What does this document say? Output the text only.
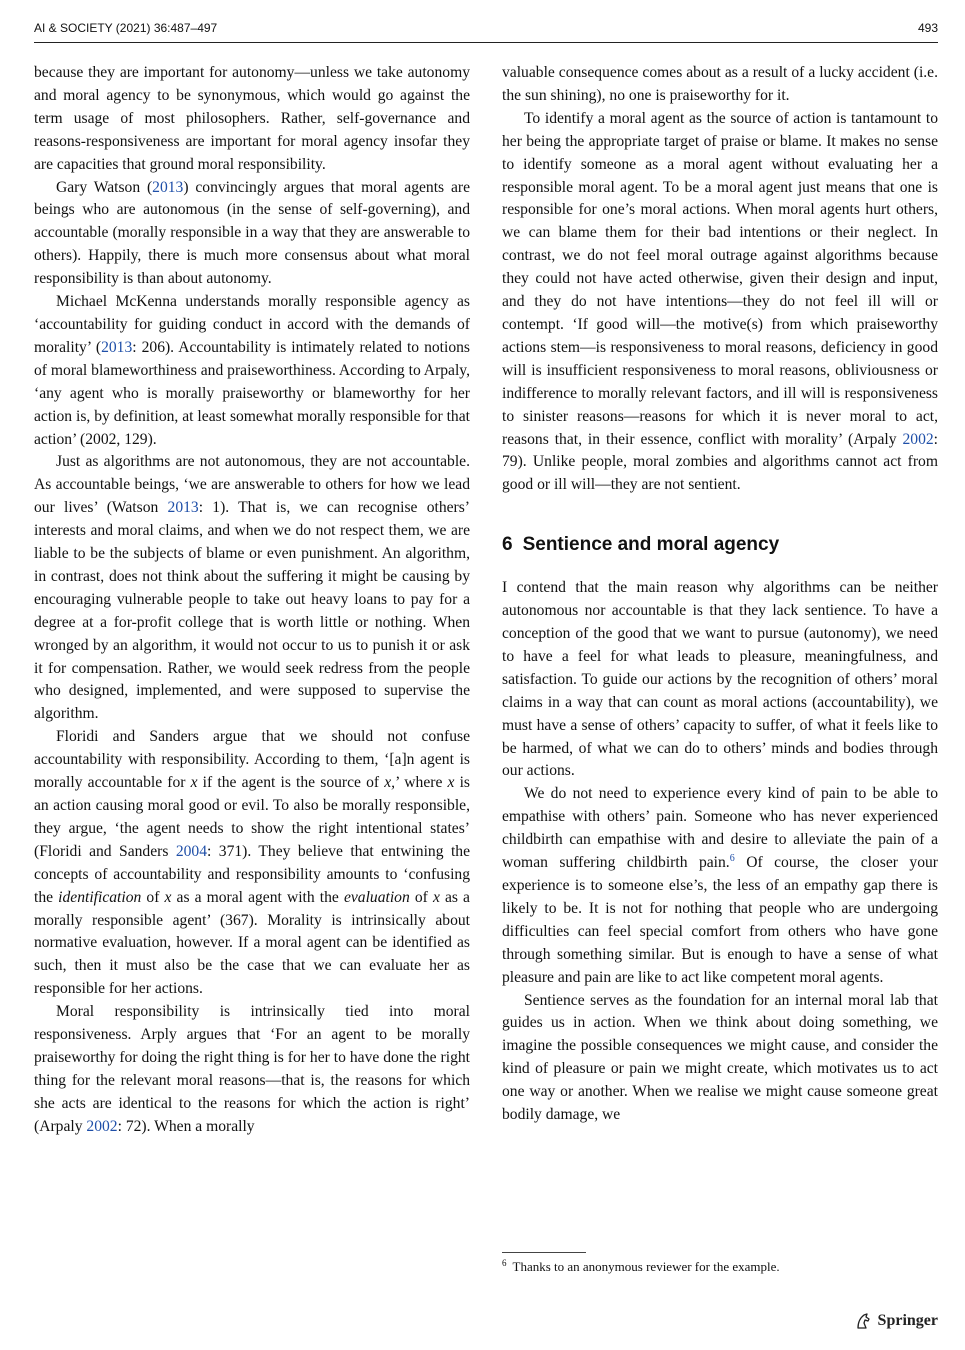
AI & SOCIETY (2021) 36:487–497	493

because they are important for autonomy—unless we take autonomy and moral agency to be synonymous, which would go against the term usage of most philosophers. Rather, self-governance and reasons-responsiveness are important for moral agency insofar they are capacities that ground moral responsibility.

Gary Watson (2013) convincingly argues that moral agents are beings who are autonomous (in the sense of self-governing), and accountable (morally responsible in a way that they are answerable to others). Happily, there is much more consensus about what moral responsibility is than about autonomy.

Michael McKenna understands morally responsible agency as ‘accountability for guiding conduct in accord with the demands of morality’ (2013: 206). Accountability is intimately related to notions of moral blameworthiness and praiseworthiness. According to Arpaly, ‘any agent who is morally praiseworthy or blameworthy for her action is, by definition, at least somewhat morally responsible for that action’ (2002, 129).

Just as algorithms are not autonomous, they are not accountable. As accountable beings, ‘we are answerable to others for how we lead our lives’ (Watson 2013: 1). That is, we can recognise others’ interests and moral claims, and when we do not respect them, we are liable to be the subjects of blame or even punishment. An algorithm, in contrast, does not think about the suffering it might be causing by encouraging vulnerable people to take out heavy loans to pay for a degree at a for-profit college that is worth little or nothing. When wronged by an algorithm, it would not occur to us to punish it or ask it for compensation. Rather, we would seek redress from the people who designed, implemented, and were supposed to supervise the algorithm.

Floridi and Sanders argue that we should not confuse accountability with responsibility. According to them, ‘[a]n agent is morally accountable for x if the agent is the source of x,’ where x is an action causing moral good or evil. To also be morally responsible, they argue, ‘the agent needs to show the right intentional states’ (Floridi and Sanders 2004: 371). They believe that entwining the concepts of accountability and responsibility amounts to ‘confusing the identification of x as a moral agent with the evaluation of x as a morally responsible agent’ (367). Morality is intrinsically about normative evaluation, however. If a moral agent can be identified as such, then it must also be the case that we can evaluate her as responsible for her actions.

Moral responsibility is intrinsically tied into moral responsiveness. Arply argues that ‘For an agent to be morally praiseworthy for doing the right thing is for her to have done the right thing for the relevant moral reasons—that is, the reasons for which she acts are identical to the reasons for which the action is right’ (Arpaly 2002: 72). When a morally

valuable consequence comes about as a result of a lucky accident (i.e. the sun shining), no one is praiseworthy for it.

To identify a moral agent as the source of action is tantamount to her being the appropriate target of praise or blame. It makes no sense to identify someone as a moral agent without evaluating her a responsible moral agent. To be a moral agent just means that one is responsible for one’s moral actions. When moral agents hurt others, we can blame them for their bad intentions or their neglect. In contrast, we do not feel moral outrage against algorithms because they could not have acted otherwise, given their design and input, and they do not have intentions—they do not feel ill will or contempt. ‘If good will—the motive(s) from which praiseworthy actions stem—is responsiveness to moral reasons, deficiency in good will is insufficient responsiveness to moral reasons, obliviousness or indifference to morally relevant factors, and ill will is responsiveness to sinister reasons—reasons for which it is never moral to act, reasons that, in their essence, conflict with morality’ (Arpaly 2002: 79). Unlike people, moral zombies and algorithms cannot act from good or ill will—they are not sentient.

6 Sentience and moral agency

I contend that the main reason why algorithms can be neither autonomous nor accountable is that they lack sentience. To have a conception of the good that we want to pursue (autonomy), we need to have a feel for what leads to pleasure, meaningfulness, and satisfaction. To guide our actions by the recognition of others’ moral claims in a way that can count as moral actions (accountability), we must have a sense of others’ capacity to suffer, of what it feels like to be harmed, of what we can do to others’ minds and bodies through our actions.

We do not need to experience every kind of pain to be able to empathise with others’ pain. Someone who has never experienced childbirth can empathise with and desire to alleviate the pain of a woman suffering childbirth pain.$^6$ Of course, the closer your experience is to someone else’s, the less of an empathy gap there is likely to be. It is not for nothing that people who are undergoing difficulties can feel special comfort from others who have gone through something similar. But is enough to have a sense of what pleasure and pain are like to act like competent moral agents.

Sentience serves as the foundation for an internal moral lab that guides us in action. When we think about doing something, we imagine the possible consequences we might cause, and consider the kind of pleasure or pain we might create, which motivates us to act one way or another. When we realise we might cause someone great bodily damage, we

$^6$ Thanks to an anonymous reviewer for the example.
Springer
